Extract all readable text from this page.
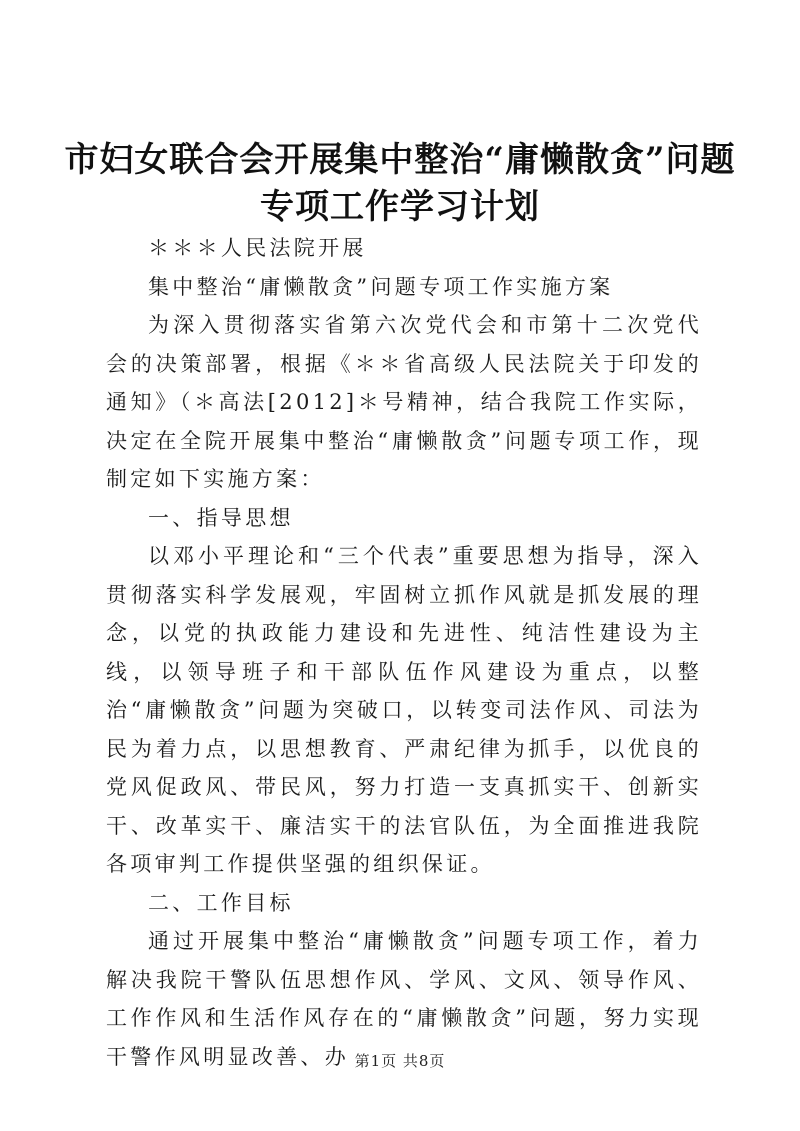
市妇女联合会开展集中整治“庸懒散贪”问题
专项工作学习计划

＊＊＊人民法院开展

集中整治“庸懒散贪”问题专项工作实施方案

为深入贯彻落实省第六次党代会和市第十二次党代会的决策部署，根据《＊＊省高级人民法院关于印发的通知》（＊高法[2012]＊号精神，结合我院工作实际，决定在全院开展集中整治“庸懒散贪”问题专项工作，现制定如下实施方案：

一、指导思想

以邓小平理论和“三个代表”重要思想为指导，深入贯彻落实科学发展观，牢固树立抓作风就是抓发展的理念，以党的执政能力建设和先进性、纯洁性建设为主线，以领导班子和干部队伍作风建设为重点，以整治“庸懒散贪”问题为突破口，以转变司法作风、司法为民为着力点，以思想教育、严肃纪律为抓手，以优良的党风促政风、带民风，努力打造一支真抓实干、创新实干、改革实干、廉洁实干的法官队伍，为全面推进我院各项审判工作提供坚强的组织保证。

二、工作目标

通过开展集中整治“庸懒散贪”问题专项工作，着力解决我院干警队伍思想作风、学风、文风、领导作风、工作作风和生活作风存在的“庸懒散贪”问题，努力实现干警作风明显改善、办 第1页 共8页
